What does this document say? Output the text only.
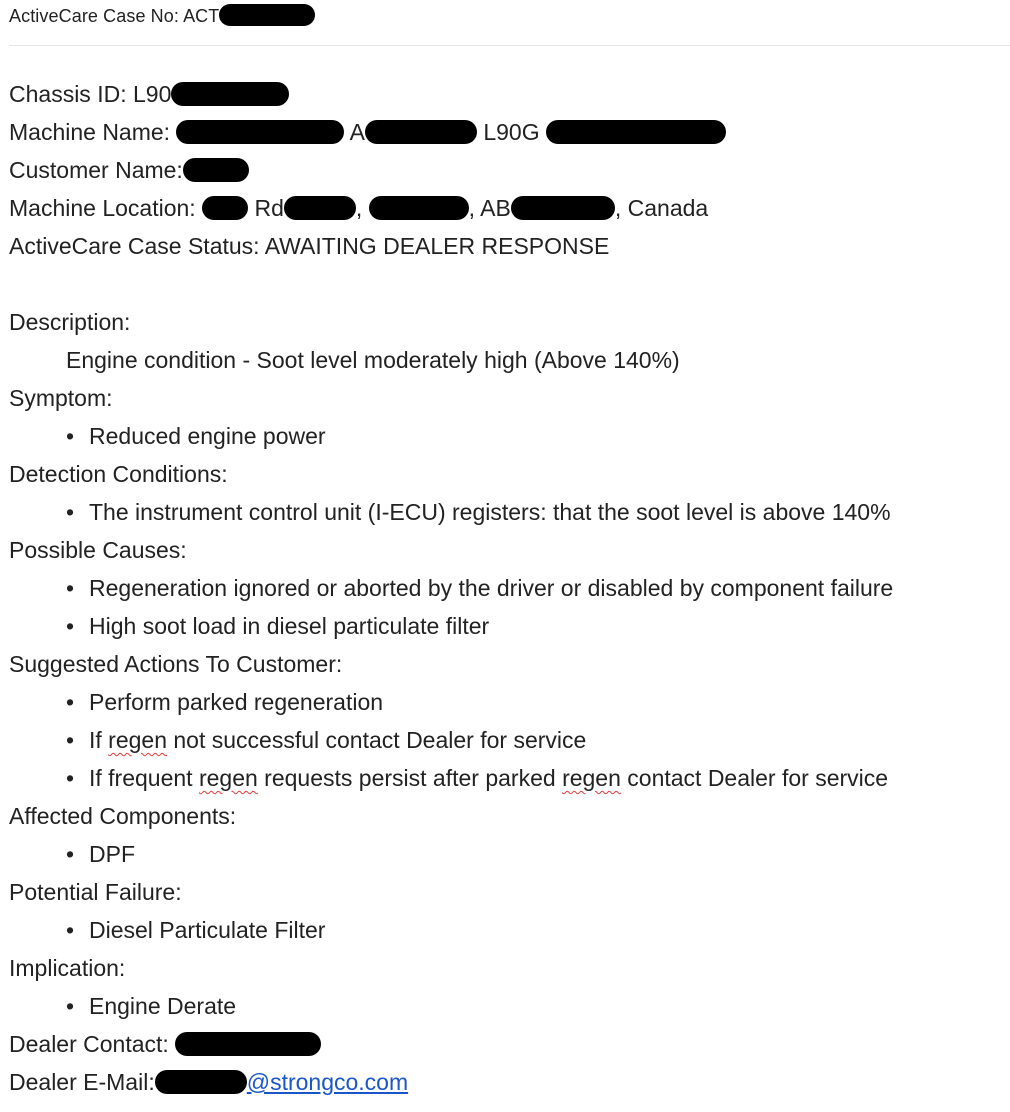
ActiveCare Case No: ACT
Chassis ID: L90
Machine Name:	A	L90G
Customer Name:
Machine Location:	Rd	,	, AB	, Canada
ActiveCare Case Status: AWAITING DEALER RESPONSE
Description:
Engine condition - Soot level moderately high (Above 140%)
Symptom:
• Reduced engine power
Detection Conditions:
• The instrument control unit (I-ECU) registers: that the soot level is above 140%
Possible Causes:
• Regeneration ignored or aborted by the driver or disabled by component failure
• High soot load in diesel particulate filter
Suggested Actions To Customer:
• Perform parked regeneration
• If regen not successful contact Dealer for service
• If frequent regen requests persist after parked regen contact Dealer for service
Affected Components:
• DPF
Potential Failure:
• Diesel Particulate Filter
Implication:
• Engine Derate
Dealer Contact:
Dealer E-Mail:	@strongco.com
